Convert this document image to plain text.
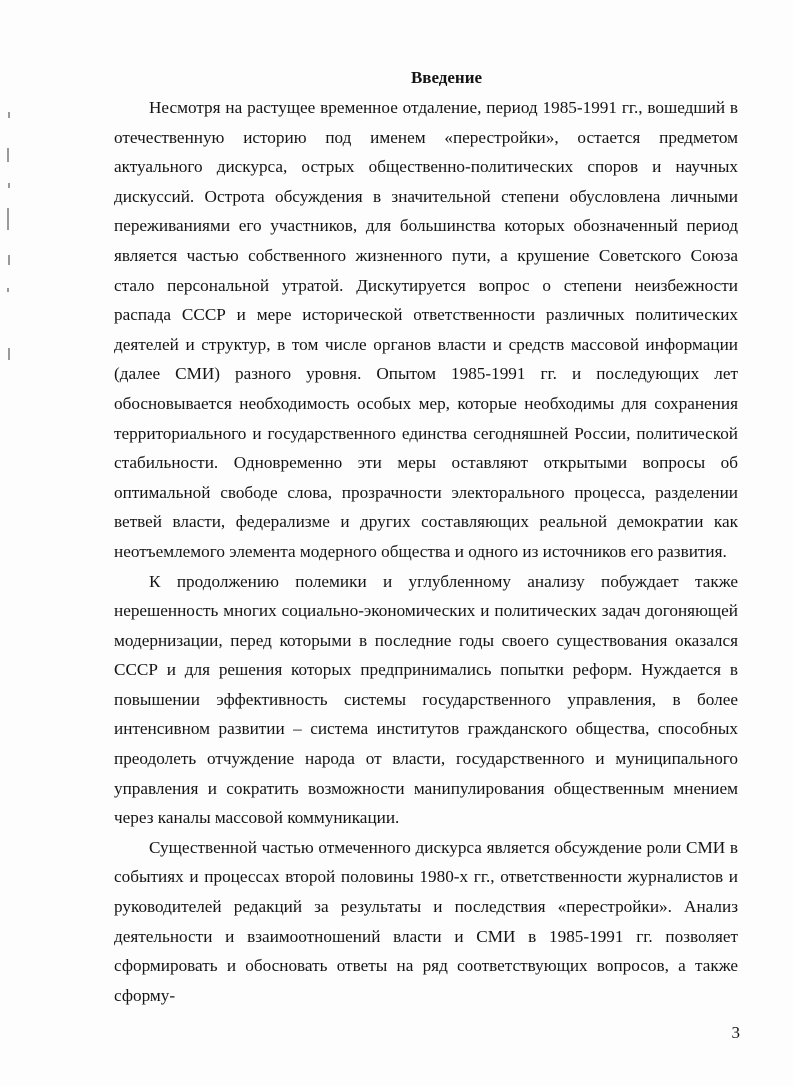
Введение

Несмотря на растущее временное отдаление, период 1985-1991 гг., вошедший в отечественную историю под именем «перестройки», остается предметом актуального дискурса, острых общественно-политических споров и научных дискуссий. Острота обсуждения в значительной степени обусловлена личными переживаниями его участников, для большинства которых обозначенный период является частью собственного жизненного пути, а крушение Советского Союза стало персональной утратой. Дискутируется вопрос о степени неизбежности распада СССР и мере исторической ответственности различных политических деятелей и структур, в том числе органов власти и средств массовой информации (далее СМИ) разного уровня. Опытом 1985-1991 гг. и последующих лет обосновывается необходимость особых мер, которые необходимы для сохранения территориального и государственного единства сегодняшней России, политической стабильности. Одновременно эти меры оставляют открытыми вопросы об оптимальной свободе слова, прозрачности электорального процесса, разделении ветвей власти, федерализме и других составляющих реальной демократии как неотъемлемого элемента модерного общества и одного из источников его развития.

К продолжению полемики и углубленному анализу побуждает также нерешенность многих социально-экономических и политических задач догоняющей модернизации, перед которыми в последние годы своего существования оказался СССР и для решения которых предпринимались попытки реформ. Нуждается в повышении эффективность системы государственного управления, в более интенсивном развитии – система институтов гражданского общества, способных преодолеть отчуждение народа от власти, государственного и муниципального управления и сократить возможности манипулирования общественным мнением через каналы массовой коммуникации.

Существенной частью отмеченного дискурса является обсуждение роли СМИ в событиях и процессах второй половины 1980-х гг., ответственности журналистов и руководителей редакций за результаты и последствия «перестройки». Анализ деятельности и взаимоотношений власти и СМИ в 1985-1991 гг. позволяет сформировать и обосновать ответы на ряд соответствующих вопросов, а также сформу-

3
